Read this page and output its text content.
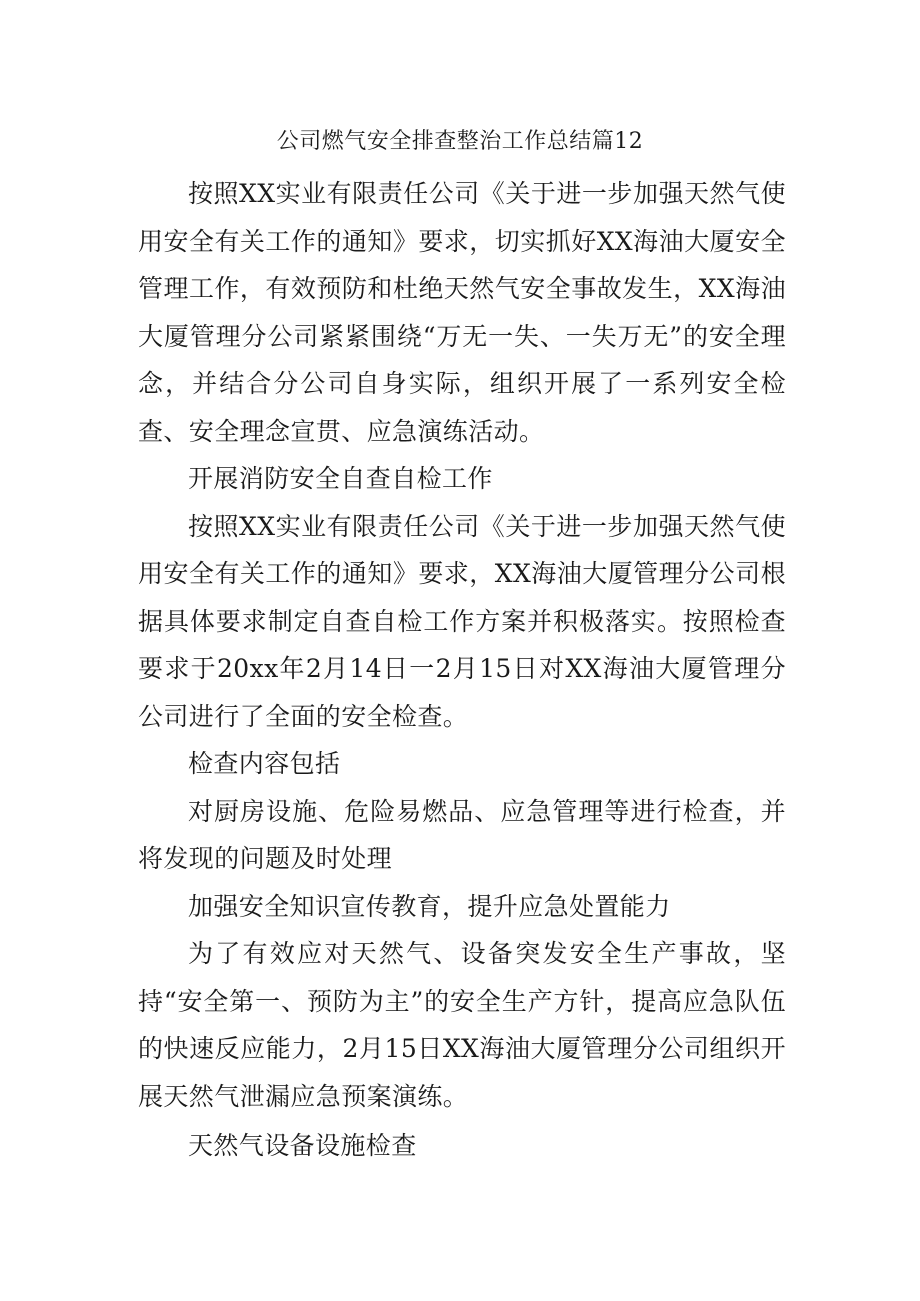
公司燃气安全排查整治工作总结篇12

按照XX实业有限责任公司《关于进一步加强天然气使用安全有关工作的通知》要求，切实抓好XX海油大厦安全管理工作，有效预防和杜绝天然气安全事故发生，XX海油大厦管理分公司紧紧围绕“万无一失、一失万无”的安全理念，并结合分公司自身实际，组织开展了一系列安全检查、安全理念宣贯、应急演练活动。

开展消防安全自查自检工作

按照XX实业有限责任公司《关于进一步加强天然气使用安全有关工作的通知》要求，XX海油大厦管理分公司根据具体要求制定自查自检工作方案并积极落实。按照检查要求于20xx年2月14日一2月15日对XX海油大厦管理分公司进行了全面的安全检查。

检查内容包括

对厨房设施、危险易燃品、应急管理等进行检查，并将发现的问题及时处理

加强安全知识宣传教育，提升应急处置能力

为了有效应对天然气、设备突发安全生产事故，坚持“安全第一、预防为主”的安全生产方针，提高应急队伍的快速反应能力，2月15日XX海油大厦管理分公司组织开展天然气泄漏应急预案演练。

天然气设备设施检查
